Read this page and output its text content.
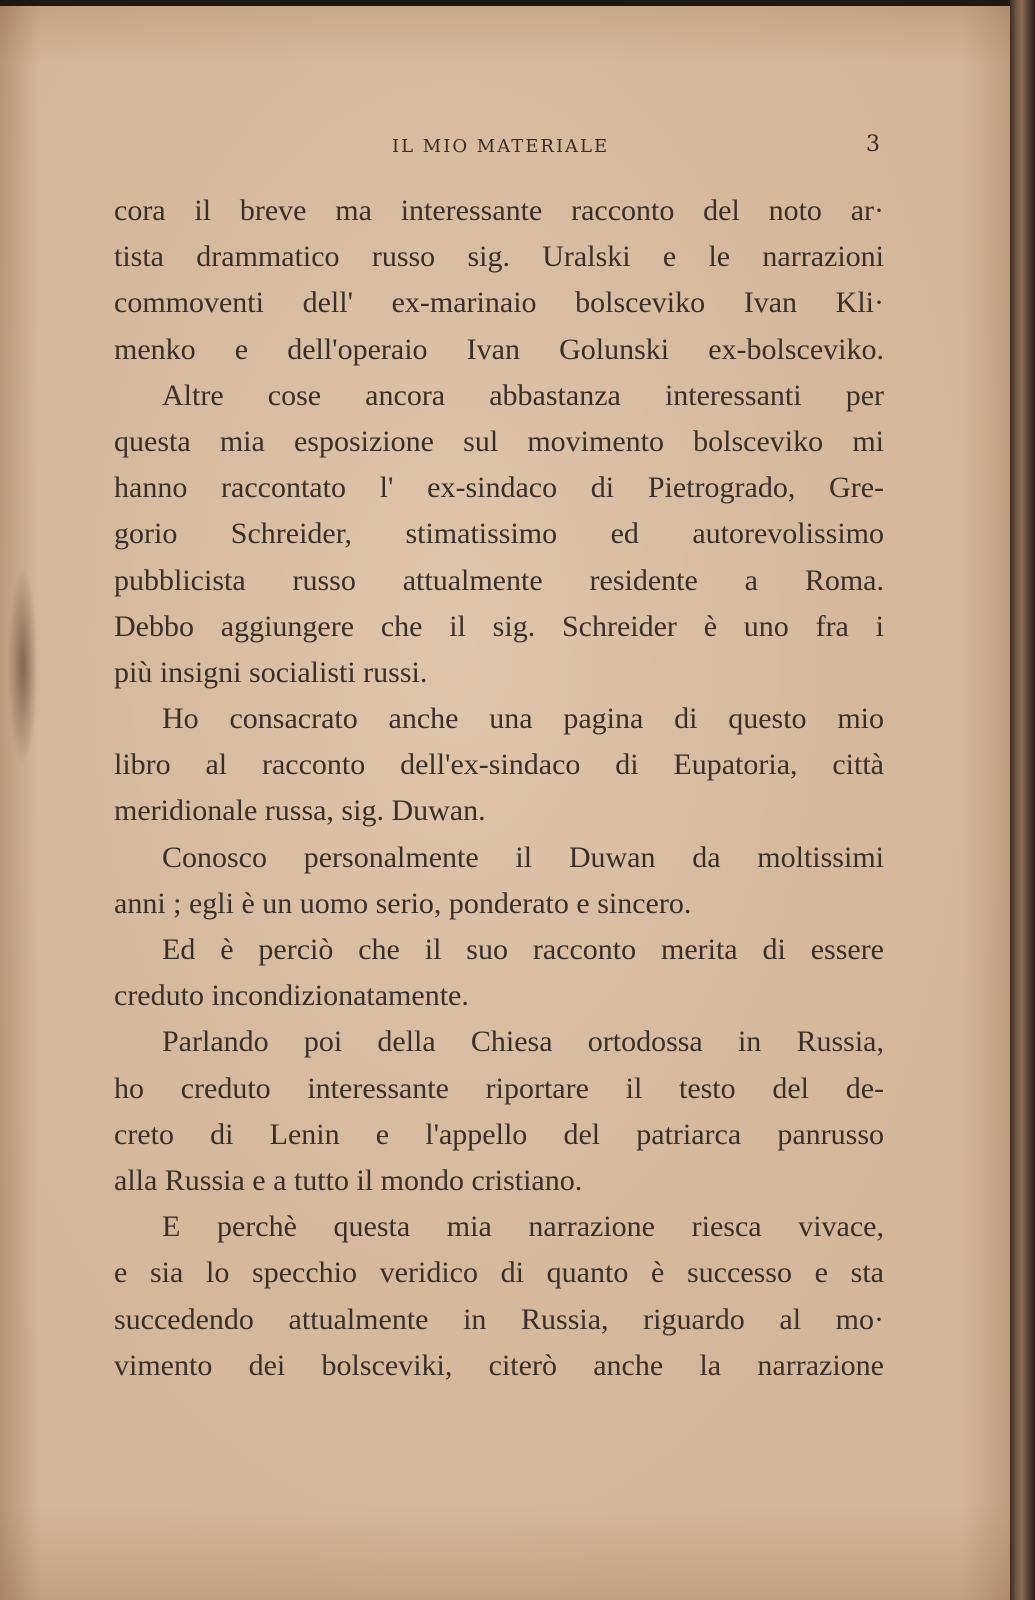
IL MIO MATERIALE	3
cora il breve ma interessante racconto del noto ar·
tista drammatico russo sig. Uralski e le narrazioni
commoventi dell' ex-marinaio bolsceviko Ivan Kli·
menko e dell'operaio Ivan Golunski ex-bolsceviko.
Altre cose ancora abbastanza interessanti per
questa mia esposizione sul movimento bolsceviko mi
hanno raccontato l' ex-sindaco di Pietrogrado, Gre-
gorio Schreider, stimatissimo ed autorevolissimo
pubblicista russo attualmente residente a Roma.
Debbo aggiungere che il sig. Schreider è uno fra i
più insigni socialisti russi.
Ho consacrato anche una pagina di questo mio
libro al racconto dell'ex-sindaco di Eupatoria, città
meridionale russa, sig. Duwan.
Conosco personalmente il Duwan da moltissimi
anni ; egli è un uomo serio, ponderato e sincero.
Ed è perciò che il suo racconto merita di essere
creduto incondizionatamente.
Parlando poi della Chiesa ortodossa in Russia,
ho creduto interessante riportare il testo del de-
creto di Lenin e l'appello del patriarca panrusso
alla Russia e a tutto il mondo cristiano.
E perchè questa mia narrazione riesca vivace,
e sia lo specchio veridico di quanto è successo e sta
succedendo attualmente in Russia, riguardo al mo·
vimento dei bolsceviki, citerò anche la narrazione
